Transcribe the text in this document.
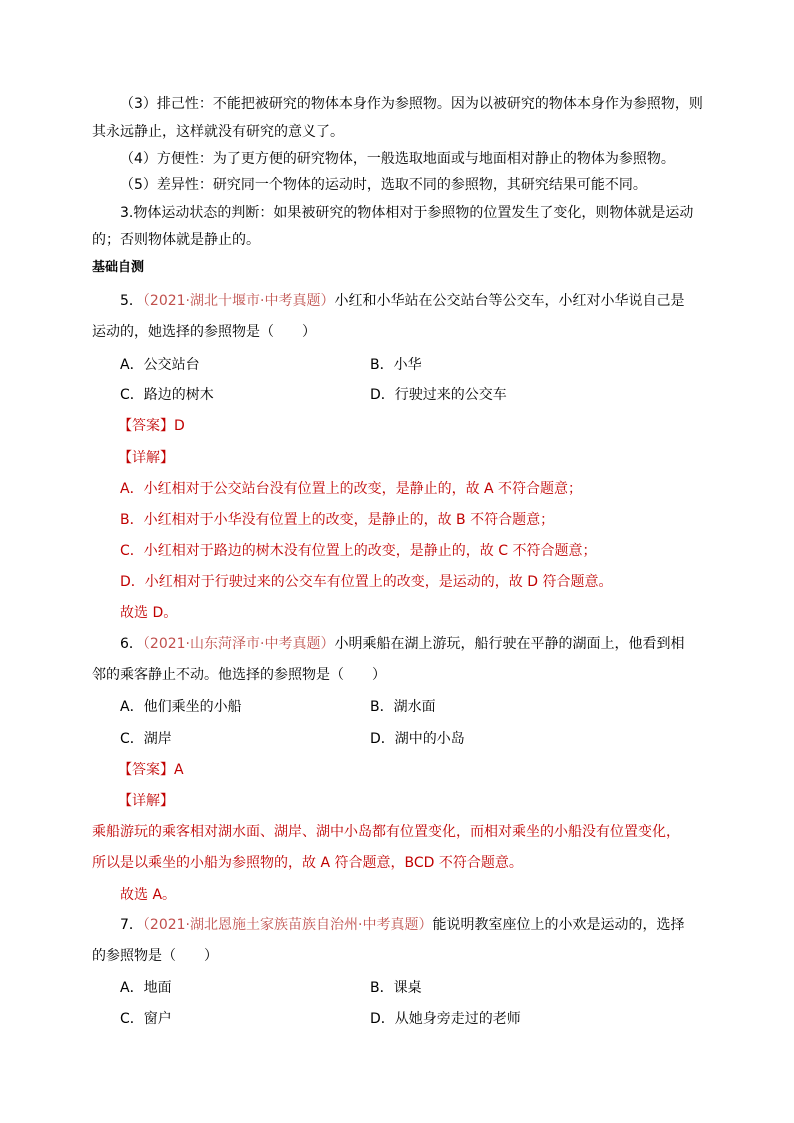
（3）排己性：不能把被研究的物体本身作为参照物。因为以被研究的物体本身作为参照物，则
其永远静止，这样就没有研究的意义了。
（4）方便性：为了更方便的研究物体，一般选取地面或与地面相对静止的物体为参照物。
（5）差异性：研究同一个物体的运动时，选取不同的参照物，其研究结果可能不同。
3.物体运动状态的判断：如果被研究的物体相对于参照物的位置发生了变化，则物体就是运动
的；否则物体就是静止的。
基础自测
5．（2021·湖北十堰市·中考真题）小红和小华站在公交站台等公交车，小红对小华说自己是
运动的，她选择的参照物是（　　）
A．公交站台	B．小华
C．路边的树木	D．行驶过来的公交车
【答案】D
【详解】
A．小红相对于公交站台没有位置上的改变，是静止的，故 A 不符合题意；
B．小红相对于小华没有位置上的改变，是静止的，故 B 不符合题意；
C．小红相对于路边的树木没有位置上的改变，是静止的，故 C 不符合题意；
D．小红相对于行驶过来的公交车有位置上的改变，是运动的，故 D 符合题意。
故选 D。
6．（2021·山东菏泽市·中考真题）小明乘船在湖上游玩，船行驶在平静的湖面上，他看到相
邻的乘客静止不动。他选择的参照物是（　　）
A．他们乘坐的小船	B．湖水面
C．湖岸	D．湖中的小岛
【答案】A
【详解】
乘船游玩的乘客相对湖水面、湖岸、湖中小岛都有位置变化，而相对乘坐的小船没有位置变化，
所以是以乘坐的小船为参照物的，故 A 符合题意，BCD 不符合题意。
故选 A。
7．（2021·湖北恩施土家族苗族自治州·中考真题）能说明教室座位上的小欢是运动的，选择
的参照物是（　　）
A．地面	B．课桌
C．窗户	D．从她身旁走过的老师
